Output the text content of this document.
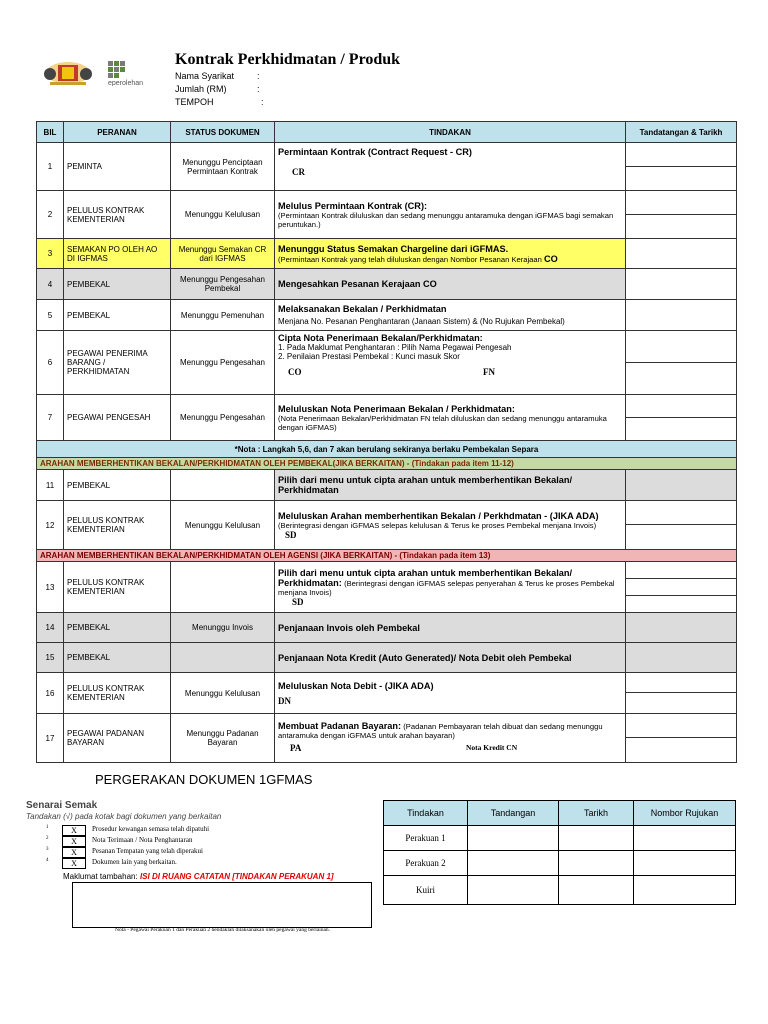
eperolehan
Kontrak Perkhidmatan / Produk
Nama Syarikat	:
Jumlah (RM)	:
TEMPOH	:
BIL	PERANAN	STATUS DOKUMEN	TINDAKAN	Tandatangan & Tarikh
1	PEMINTA	Menunggu Penciptaan Permintaan Kontrak	Permintaan Kontrak (Contract Request - CR)
CR	

2	PELULUS KONTRAK KEMENTERIAN	Menunggu Kelulusan	Melulus Permintaan Kontrak (CR):
(Permintaan Kontrak diluluskan dan sedang menunggu antaramuka dengan iGFMAS bagi semakan peruntukan.)	

3	SEMAKAN PO OLEH AO DI IGFMAS	Menunggu Semakan CR dari IGFMAS	Menunggu Status Semakan Chargeline dari iGFMAS.
(Permintaan Kontrak yang telah diluluskan dengan Nombor Pesanan Kerajaan CO	

4	PEMBEKAL	Menunggu Pengesahan Pembekal	Mengesahkan Pesanan Kerajaan CO	
5	PEMBEKAL	Menunggu Pemenuhan	Melaksanakan Bekalan / Perkhidmatan
Menjana No. Pesanan Penghantaran (Janaan Sistem) & (No Rujukan Pembekal)	

6	PEGAWAI PENERIMA BARANG / PERKHIDMATAN	Menunggu Pengesahan	Cipta Nota Penerimaan Bekalan/Perkhidmatan:
1. Pada Maklumat Penghantaran : Pilih Nama Pegawai Pengesah
2. Penilaian Prestasi Pembekal : Kunci masuk Skor
CO FN	

7	PEGAWAI PENGESAH	Menunggu Pengesahan	Meluluskan Nota Penerimaan Bekalan / Perkhidmatan:
(Nota Penerimaan Bekalan/Perkhidmatan FN telah diluluskan dan sedang menunggu antaramuka dengan iGFMAS)	

*Nota : Langkah 5,6, dan 7 akan berulang sekiranya berlaku Pembekalan Separa				
ARAHAN MEMBERHENTIKAN BEKALAN/PERKHIDMATAN OLEH PEMBEKAL(JIKA BERKAITAN) - (Tindakan pada item 11-12)				
11	PEMBEKAL		Pilih dari menu untuk cipta arahan untuk memberhentikan Bekalan/ Perkhidmatan	
12	PELULUS KONTRAK KEMENTERIAN	Menunggu Kelulusan	Meluluskan Arahan memberhentikan Bekalan / Perkhdmatan - (JIKA ADA) (Berintegrasi dengan iGFMAS selepas kelulusan & Terus ke proses Pembekal menjana Invois)
SD	

ARAHAN MEMBERHENTIKAN BEKALAN/PERKHIDMATAN OLEH AGENSI (JIKA BERKAITAN) - (Tindakan pada item 13)				
13	PELULUS KONTRAK KEMENTERIAN		Pilih dari menu untuk cipta arahan untuk memberhentikan Bekalan/ Perkhidmatan: (Berintegrasi dengan iGFMAS selepas penyerahan & Terus ke proses Pembekal menjana Invois)
SD	

14	PEMBEKAL	Menunggu Invois	Penjanaan Invois oleh Pembekal	
15	PEMBEKAL		Penjanaan Nota Kredit (Auto Generated)/ Nota Debit oleh Pembekal	
16	PELULUS KONTRAK KEMENTERIAN	Menunggu Kelulusan	Meluluskan Nota Debit - (JIKA ADA)
DN	

17	PEGAWAI PADANAN BAYARAN	Menunggu Padanan Bayaran	Membuat Padanan Bayaran: (Padanan Pembayaran telah dibuat dan sedang menunggu antaramuka dengan iGFMAS untuk arahan bayaran)
PA Nota Kredit CN	

PERGERAKAN DOKUMEN 1GFMAS
Senarai Semak
Tandakan (√) pada kotak bagi dokumen yang berkaitan
1	X	Prosedur kewangan semasa telah dipatuhi
2	X	Nota Terimaan / Nota Penghantaran
3	X	Pesanan Tempatan yang telah diperakui
4	X	Dokumen lain yang berkaitan.
Maklumat tambahan: ISI DI RUANG CATATAN [TINDAKAN PERAKUAN 1]
Nota - Pegawai Perakuan 1 dan Perakuan 2 hendaklah dilaksanakan oleh pegawai yang berlainan.
Tindakan	Tandangan	Tarikh	Nombor Rujukan
Perakuan 1			
Perakuan 2			
Kuiri			
